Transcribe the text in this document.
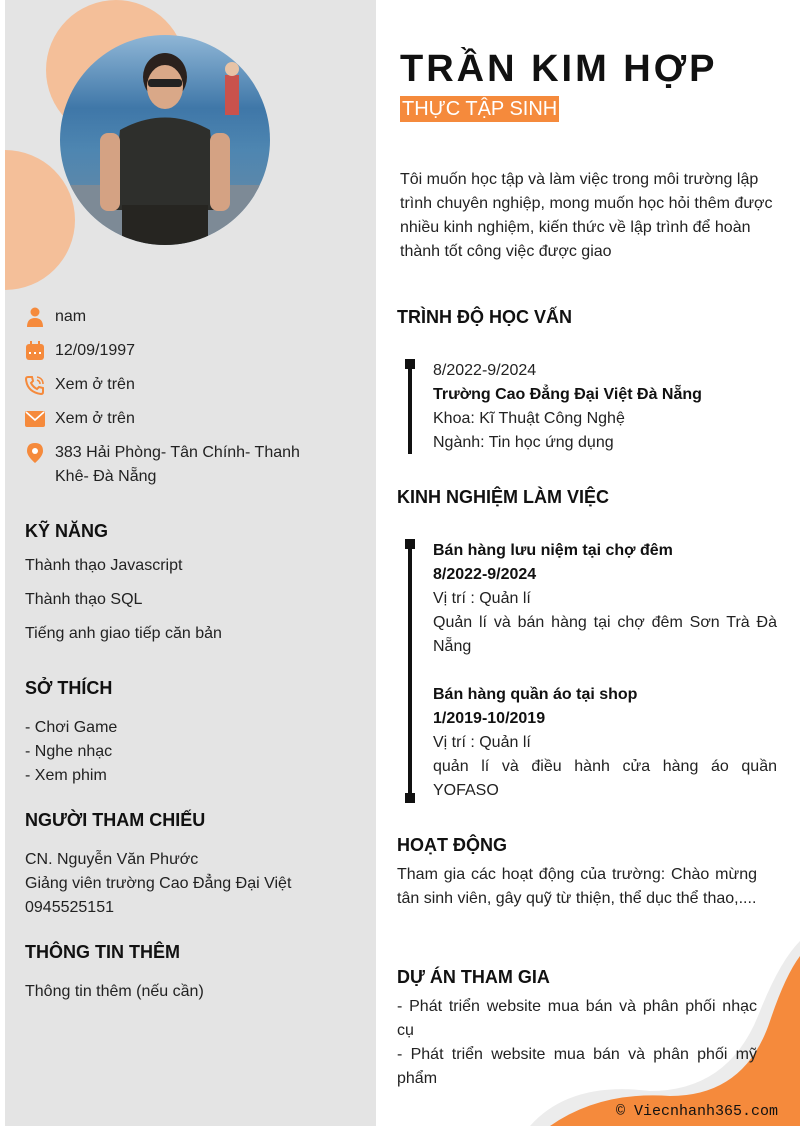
nam
12/09/1997
Xem ở trên
Xem ở trên
383 Hải Phòng- Tân Chính- Thanh Khê- Đà Nẵng
KỸ NĂNG
Thành thạo Javascript
Thành thạo SQL
Tiếng anh giao tiếp căn bản
SỞ THÍCH
- Chơi Game
- Nghe nhạc
- Xem phim
NGƯỜI THAM CHIẾU
CN. Nguyễn Văn Phước
Giảng viên trường Cao Đẳng Đại Việt
0945525151
THÔNG TIN THÊM
Thông tin thêm (nếu cần)
TRẦN KIM HỢP
THỰC TẬP SINH
Tôi muốn học tập và làm việc trong môi trường lập trình chuyên nghiệp, mong muốn học hỏi thêm được nhiều kinh nghiệm, kiến thức về lập trình để hoàn thành tốt công việc được giao
TRÌNH ĐỘ HỌC VẤN
8/2022-9/2024
Trường Cao Đẳng Đại Việt Đà Nẵng
Khoa: Kĩ Thuật Công Nghệ
Ngành: Tin học ứng dụng
KINH NGHIỆM LÀM VIỆC
Bán hàng lưu niệm tại chợ đêm
8/2022-9/2024
Vị trí : Quản lí
Quản lí và bán hàng tại chợ đêm Sơn Trà Đà Nẵng
Bán hàng quần áo tại shop
1/2019-10/2019
Vị trí : Quản lí
quản lí và điều hành cửa hàng áo quần YOFASO
HOẠT ĐỘNG
Tham gia các hoạt động của trường: Chào mừng tân sinh viên, gây quỹ từ thiện, thể dục thể thao,....
DỰ ÁN THAM GIA
- Phát triển website mua bán và phân phối nhạc cụ
- Phát triển website mua bán và phân phối mỹ phẩm
© Viecnhanh365.com
